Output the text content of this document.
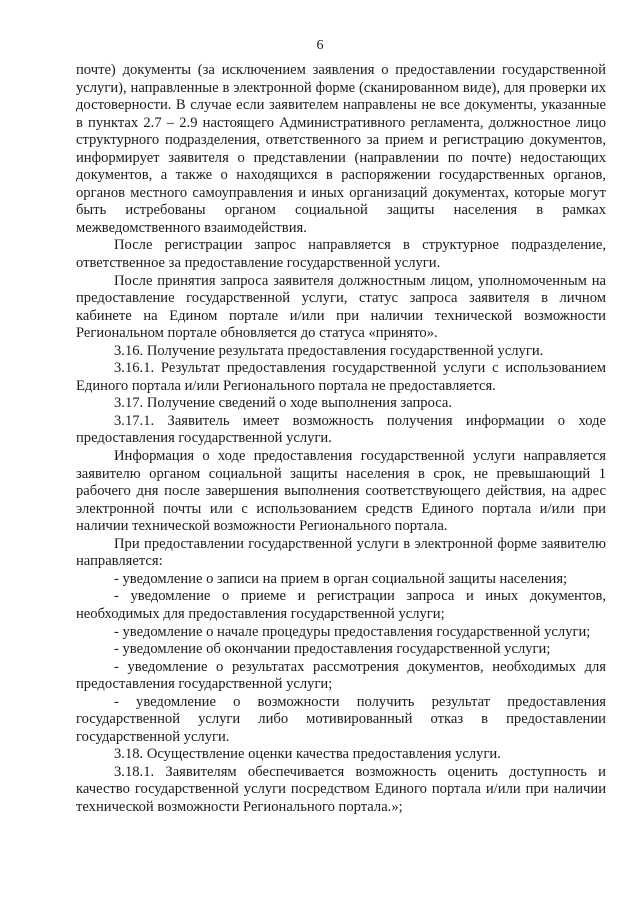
6

почте) документы (за исключением заявления о предоставлении государственной услуги), направленные в электронной форме (сканированном виде), для проверки их достоверности. В случае если заявителем направлены не все документы, указанные в пунктах 2.7 – 2.9 настоящего Административного регламента, должностное лицо структурного подразделения, ответственного за прием и регистрацию документов, информирует заявителя о представлении (направлении по почте) недостающих документов, а также о находящихся в распоряжении государственных органов, органов местного самоуправления и иных организаций документах, которые могут быть истребованы органом социальной защиты населения в рамках межведомственного взаимодействия.

После регистрации запрос направляется в структурное подразделение, ответственное за предоставление государственной услуги.

После принятия запроса заявителя должностным лицом, уполномоченным на предоставление государственной услуги, статус запроса заявителя в личном кабинете на Едином портале и/или при наличии технической возможности Региональном портале обновляется до статуса «принято».

3.16. Получение результата предоставления государственной услуги.

3.16.1. Результат предоставления государственной услуги с использованием Единого портала и/или Регионального портала не предоставляется.

3.17. Получение сведений о ходе выполнения запроса.

3.17.1. Заявитель имеет возможность получения информации о ходе предоставления государственной услуги.

Информация о ходе предоставления государственной услуги направляется заявителю органом социальной защиты населения в срок, не превышающий 1 рабочего дня после завершения выполнения соответствующего действия, на адрес электронной почты или с использованием средств Единого портала и/или при наличии технической возможности Регионального портала.

При предоставлении государственной услуги в электронной форме заявителю направляется:

- уведомление о записи на прием в орган социальной защиты населения;

- уведомление о приеме и регистрации запроса и иных документов, необходимых для предоставления государственной услуги;

- уведомление о начале процедуры предоставления государственной услуги;

- уведомление об окончании предоставления государственной услуги;

- уведомление о результатах рассмотрения документов, необходимых для предоставления государственной услуги;

- уведомление о возможности получить результат предоставления государственной услуги либо мотивированный отказ в предоставлении государственной услуги.

3.18. Осуществление оценки качества предоставления услуги.

3.18.1. Заявителям обеспечивается возможность оценить доступность и качество государственной услуги посредством Единого портала и/или при наличии технической возможности Регионального портала.»;
